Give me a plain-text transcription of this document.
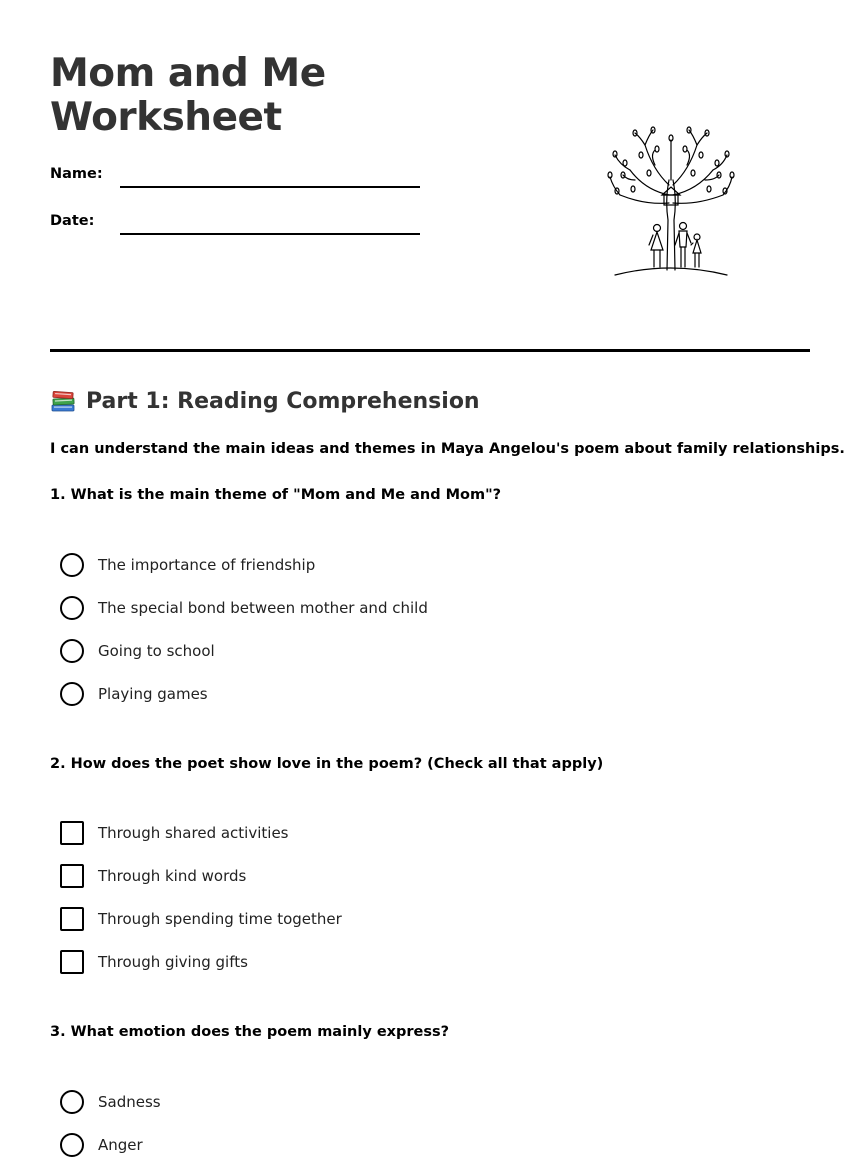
Mom and Me
Worksheet
Name:
Date:
Part 1: Reading Comprehension

I can understand the main ideas and themes in Maya Angelou's poem about family relationships.

1. What is the main theme of "Mom and Me and Mom"?

The importance of friendship
The special bond between mother and child
Going to school
Playing games

2. How does the poet show love in the poem? (Check all that apply)

Through shared activities
Through kind words
Through spending time together
Through giving gifts

3. What emotion does the poem mainly express?

Sadness
Anger
